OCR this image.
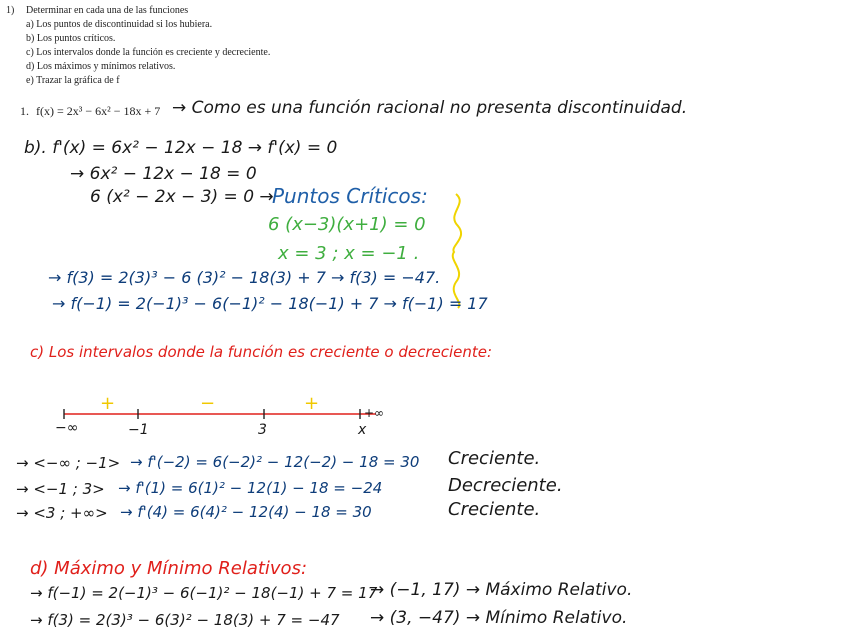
1) Determinar en cada una de las funciones
a) Los puntos de discontinuidad si los hubiera.
b) Los puntos críticos.
c) Los intervalos donde la función es creciente y decreciente.
d) Los máximos y mínimos relativos.
e) Trazar la gráfica de f
1. f(x) = 2x³ − 6x² − 18x + 7 → Como es una función racional no presenta discontinuidad.
b). f'(x) = 6x² − 12x − 18 → f'(x) = 0
→ 6x² − 12x − 18 = 0
6 (x² − 2x − 3) = 0 →
Puntos Críticos:
6 (x−3)(x+1) = 0
x = 3 ; x = −1 .
→ f(3) = 2(3)³ − 6 (3)² − 18(3) + 7 → f(3) = −47.
→ f(−1) = 2(−1)³ − 6(−1)² − 18(−1) + 7 → f(−1) = 17
c) Los intervalos donde la función es creciente o decreciente:
+	−	+
−∞	−1	3
+∞
x
→ <−∞ ; −1> → f'(−2) = 6(−2)² − 12(−2) − 18 = 30 Creciente.
→ <−1 ; 3> → f'(1) = 6(1)² − 12(1) − 18 = −24	Decreciente.
→ <3 ; +∞> → f'(4) = 6(4)² − 12(4) − 18 = 30	Creciente.
d) Máximo y Mínimo Relativos:
→ f(−1) = 2(−1)³ − 6(−1)² − 18(−1) + 7 = 17
→ (−1, 17) → Máximo Relativo.
→ f(3) = 2(3)³ − 6(3)² − 18(3) + 7 = −47 → (3, −47) → Mínimo Relativo.
